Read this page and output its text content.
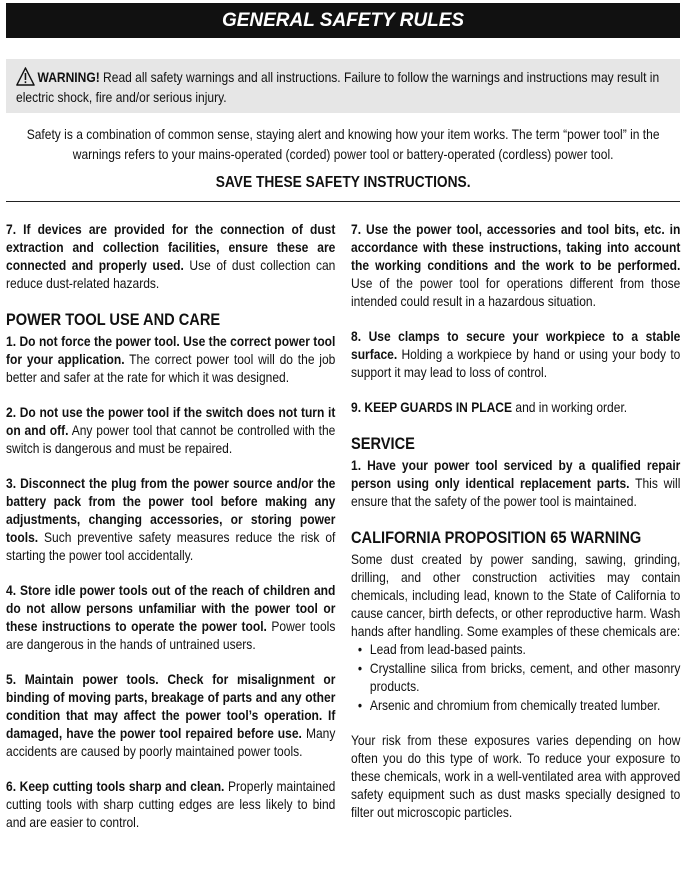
GENERAL SAFETY RULES
WARNING! Read all safety warnings and all instructions. Failure to follow the warnings and instructions may result in electric shock, fire and/or serious injury.
Safety is a combination of common sense, staying alert and knowing how your item works. The term “power tool” in the warnings refers to your mains-operated (corded) power tool or battery-operated (cordless) power tool.
SAVE THESE SAFETY INSTRUCTIONS.

7. If devices are provided for the connection of dust extraction and collection facilities, ensure these are connected and properly used. Use of dust collection can reduce dust-related hazards.

POWER TOOL USE AND CARE

1. Do not force the power tool. Use the correct power tool for your application. The correct power tool will do the job better and safer at the rate for which it was designed.

2. Do not use the power tool if the switch does not turn it on and off. Any power tool that cannot be controlled with the switch is dangerous and must be repaired.

3. Disconnect the plug from the power source and/or the battery pack from the power tool before making any adjustments, changing accessories, or storing power tools. Such preventive safety measures reduce the risk of starting the power tool accidentally.

4. Store idle power tools out of the reach of children and do not allow persons unfamiliar with the power tool or these instructions to operate the power tool. Power tools are dangerous in the hands of untrained users.

5. Maintain power tools. Check for misalignment or binding of moving parts, breakage of parts and any other condition that may affect the power tool’s operation. If damaged, have the power tool repaired before use. Many accidents are caused by poorly maintained power tools.

6. Keep cutting tools sharp and clean. Properly maintained cutting tools with sharp cutting edges are less likely to bind and are easier to control.

7. Use the power tool, accessories and tool bits, etc. in accordance with these instructions, taking into account the working conditions and the work to be performed. Use of the power tool for operations different from those intended could result in a hazardous situation.

8. Use clamps to secure your workpiece to a stable surface. Holding a workpiece by hand or using your body to support it may lead to loss of control.

9. KEEP GUARDS IN PLACE and in working order.

SERVICE

1. Have your power tool serviced by a qualified repair person using only identical replacement parts. This will ensure that the safety of the power tool is maintained.

CALIFORNIA PROPOSITION 65 WARNING

Some dust created by power sanding, sawing, grinding, drilling, and other construction activities may contain chemicals, including lead, known to the State of California to cause cancer, birth defects, or other reproductive harm. Wash hands after handling. Some examples of these chemicals are:

• Lead from lead-based paints.
• Crystalline silica from bricks, cement, and other masonry products.
• Arsenic and chromium from chemically treated lumber.

Your risk from these exposures varies depending on how often you do this type of work. To reduce your exposure to these chemicals, work in a well-ventilated area with approved safety equipment such as dust masks specially designed to filter out microscopic particles.
